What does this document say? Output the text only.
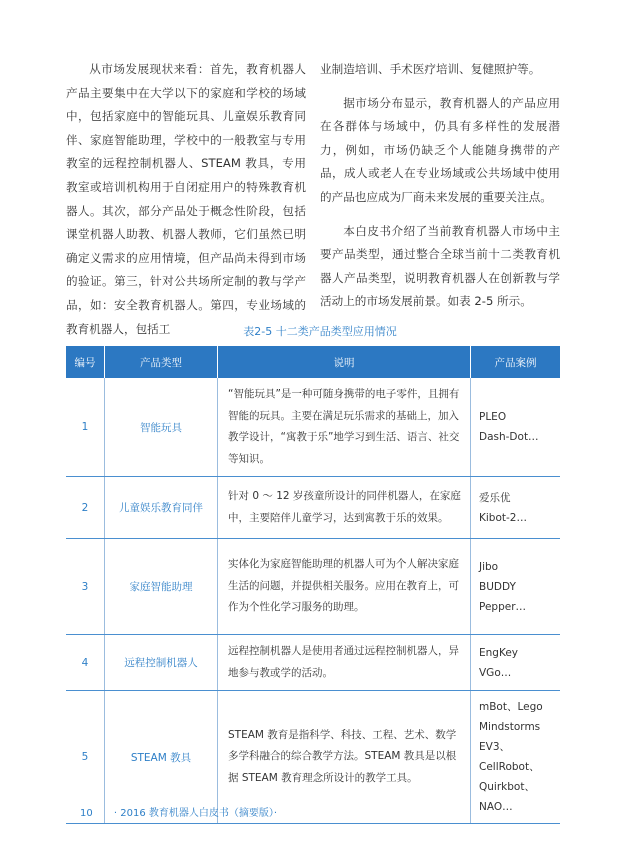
从市场发展现状来看：首先，教育机器人产品主要集中在大学以下的家庭和学校的场域中，包括家庭中的智能玩具、儿童娱乐教育同伴、家庭智能助理，学校中的一般教室与专用教室的远程控制机器人、STEAM 教具，专用教室或培训机构用于自闭症用户的特殊教育机器人。其次，部分产品处于概念性阶段，包括课堂机器人助教、机器人教师，它们虽然已明确定义需求的应用情境，但产品尚未得到市场的验证。第三，针对公共场所定制的教与学产品，如：安全教育机器人。第四，专业场域的教育机器人，包括工

业制造培训、手术医疗培训、复健照护等。

据市场分布显示，教育机器人的产品应用在各群体与场域中，仍具有多样性的发展潜力，例如，市场仍缺乏个人能随身携带的产品，成人或老人在专业场域或公共场域中使用的产品也应成为厂商未来发展的重要关注点。

本白皮书介绍了当前教育机器人市场中主要产品类型，通过整合全球当前十二类教育机器人产品类型，说明教育机器人在创新教与学活动上的市场发展前景。如表 2-5 所示。

表2-5 十二类产品类型应用情况
编号	产品类型	说明	产品案例
1	智能玩具	“智能玩具”是一种可随身携带的电子零件，且拥有智能的玩具。主要在满足玩乐需求的基础上，加入教学设计，“寓教于乐”地学习到生活、语言、社交等知识。	PLEO
Dash-Dot…
2	儿童娱乐教育同伴	针对 0 ～ 12 岁孩童所设计的同伴机器人，在家庭中，主要陪伴儿童学习，达到寓教于乐的效果。	爱乐优
Kibot-2…
3	家庭智能助理	实体化为家庭智能助理的机器人可为个人解决家庭生活的问题，并提供相关服务。应用在教育上，可作为个性化学习服务的助理。	Jibo
BUDDY
Pepper…
4	远程控制机器人	远程控制机器人是使用者通过远程控制机器人，异地参与教或学的活动。	EngKey
VGo…
5	STEAM 教具	STEAM 教育是指科学、科技、工程、艺术、数学多学科融合的综合教学方法。STEAM 教具是以根据 STEAM 教育理念所设计的教学工具。	mBot、Lego
Mindstorms
EV3、CellRobot、
Quirkbot、NAO…
10 · 2016 教育机器人白皮书（摘要版）·
